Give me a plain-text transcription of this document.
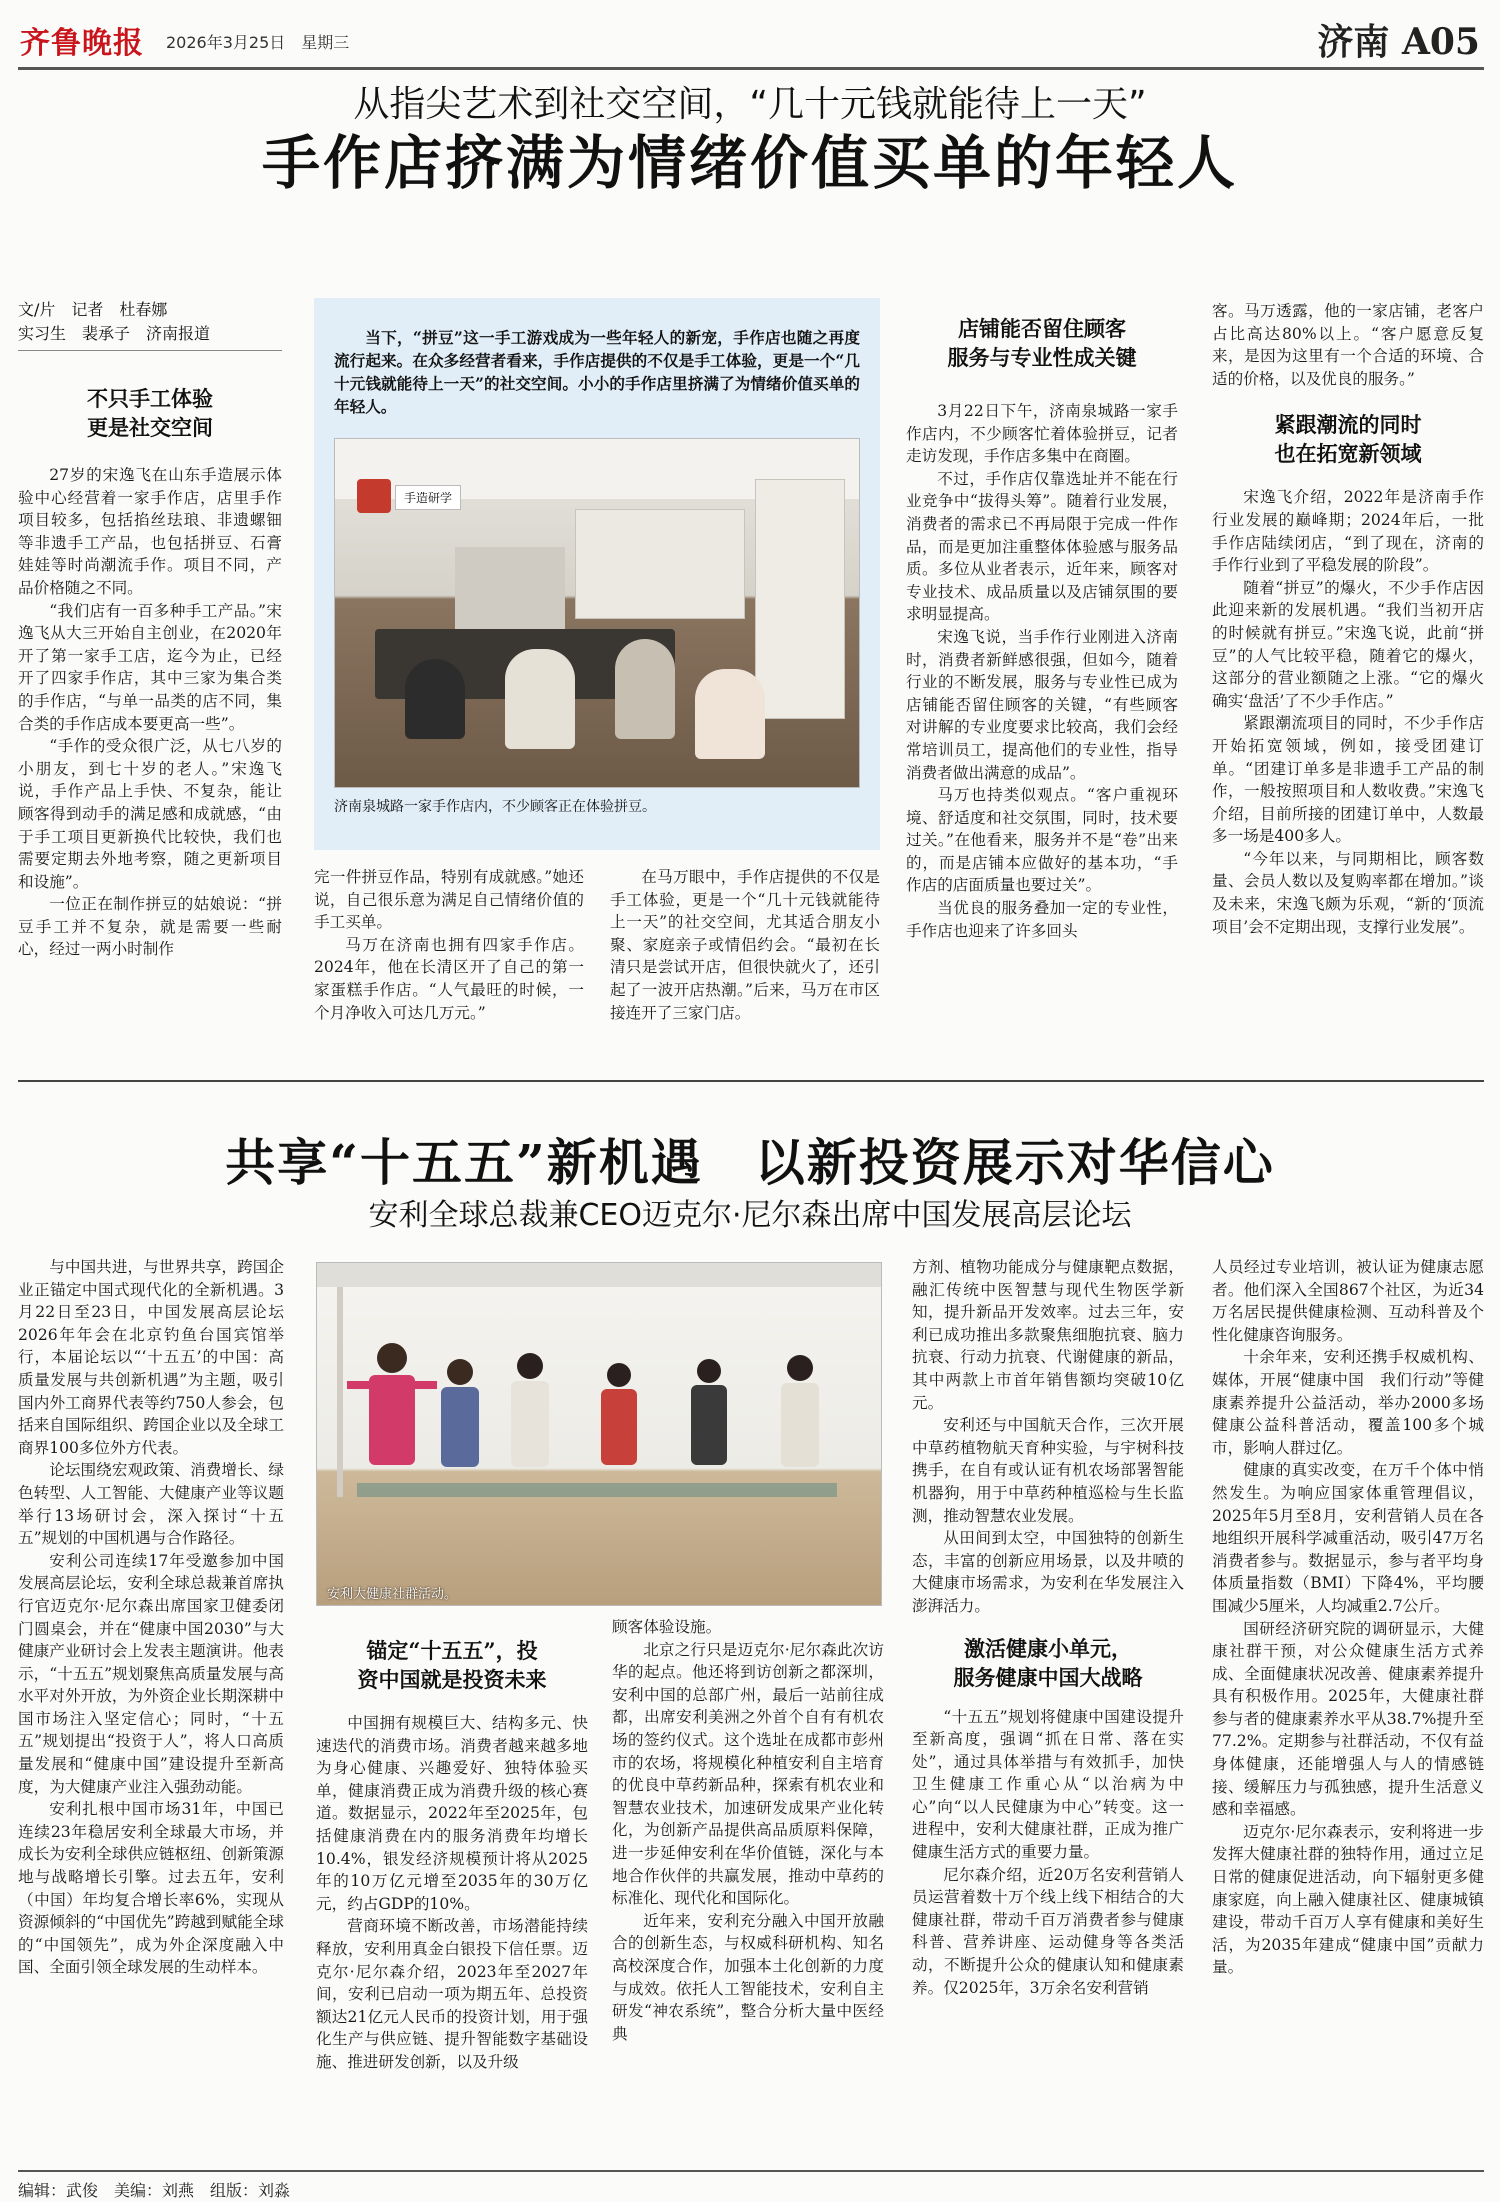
齐鲁晚报 2026年3月25日　 星期三	济南 A05
从指尖艺术到社交空间，“几十元钱就能待上一天”
手作店挤满为情绪价值买单的年轻人
文/片　记者　杜春娜
实习生　裴承子　济南报道
不只手工体验
更是社交空间

27岁的宋逸飞在山东手造展示体验中心经营着一家手作店，店里手作项目较多，包括掐丝珐琅、非遗螺钿等非遗手工产品，也包括拼豆、石膏娃娃等时尚潮流手作。项目不同，产品价格随之不同。

“我们店有一百多种手工产品。”宋逸飞从大三开始自主创业，在2020年开了第一家手工店，迄今为止，已经开了四家手作店，其中三家为集合类的手作店，“与单一品类的店不同，集合类的手作店成本要更高一些”。

“手作的受众很广泛，从七八岁的小朋友，到七十岁的老人。”宋逸飞说，手作产品上手快、不复杂，能让顾客得到动手的满足感和成就感，“由于手工项目更新换代比较快，我们也需要定期去外地考察，随之更新项目和设施”。

一位正在制作拼豆的姑娘说：“拼豆手工并不复杂，就是需要一些耐心，经过一两小时制作

当下，“拼豆”这一手工游戏成为一些年轻人的新宠，手作店也随之再度流行起来。在众多经营者看来，手作店提供的不仅是手工体验，更是一个“几十元钱就能待上一天”的社交空间。小小的手作店里挤满了为情绪价值买单的年轻人。
手造研学
济南泉城路一家手作店内，不少顾客正在体验拼豆。

完一件拼豆作品，特别有成就感。”她还说，自己很乐意为满足自己情绪价值的手工买单。

马万在济南也拥有四家手作店。2024年，他在长清区开了自己的第一家蛋糕手作店。“人气最旺的时候，一个月净收入可达几万元。”

在马万眼中，手作店提供的不仅是手工体验，更是一个“几十元钱就能待上一天”的社交空间，尤其适合朋友小聚、家庭亲子或情侣约会。“最初在长清只是尝试开店，但很快就火了，还引起了一波开店热潮。”后来，马万在市区接连开了三家门店。

店铺能否留住顾客
服务与专业性成关键

3月22日下午，济南泉城路一家手作店内，不少顾客忙着体验拼豆，记者走访发现，手作店多集中在商圈。

不过，手作店仅靠选址并不能在行业竞争中“拔得头筹”。随着行业发展，消费者的需求已不再局限于完成一件作品，而是更加注重整体体验感与服务品质。多位从业者表示，近年来，顾客对专业技术、成品质量以及店铺氛围的要求明显提高。

宋逸飞说，当手作行业刚进入济南时，消费者新鲜感很强，但如今，随着行业的不断发展，服务与专业性已成为店铺能否留住顾客的关键，“有些顾客对讲解的专业度要求比较高，我们会经常培训员工，提高他们的专业性，指导消费者做出满意的成品”。

马万也持类似观点。“客户重视环境、舒适度和社交氛围，同时，技术要过关。”在他看来，服务并不是“卷”出来的，而是店铺本应做好的基本功，“手作店的店面质量也要过关”。

当优良的服务叠加一定的专业性，手作店也迎来了许多回头

客。马万透露，他的一家店铺，老客户占比高达80%以上。“客户愿意反复来，是因为这里有一个合适的环境、合适的价格，以及优良的服务。”

紧跟潮流的同时
也在拓宽新领域

宋逸飞介绍，2022年是济南手作行业发展的巅峰期；2024年后，一批手作店陆续闭店，“到了现在，济南的手作行业到了平稳发展的阶段”。

随着“拼豆”的爆火，不少手作店因此迎来新的发展机遇。“我们当初开店的时候就有拼豆。”宋逸飞说，此前“拼豆”的人气比较平稳，随着它的爆火，这部分的营业额随之上涨。“它的爆火确实‘盘活’了不少手作店。”

紧跟潮流项目的同时，不少手作店开始拓宽领域，例如，接受团建订单。“团建订单多是非遗手工产品的制作，一般按照项目和人数收费。”宋逸飞介绍，目前所接的团建订单中，人数最多一场是400多人。

“今年以来，与同期相比，顾客数量、会员人数以及复购率都在增加。”谈及未来，宋逸飞颇为乐观，“新的‘顶流项目’会不定期出现，支撑行业发展”。

共享“十五五”新机遇　以新投资展示对华信心
安利全球总裁兼CEO迈克尔·尼尔森出席中国发展高层论坛

与中国共进，与世界共享，跨国企业正锚定中国式现代化的全新机遇。3月22日至23日，中国发展高层论坛2026年年会在北京钓鱼台国宾馆举行，本届论坛以“‘十五五’的中国：高质量发展与共创新机遇”为主题，吸引国内外工商界代表等约750人参会，包括来自国际组织、跨国企业以及全球工商界100多位外方代表。

论坛围绕宏观政策、消费增长、绿色转型、人工智能、大健康产业等议题举行13场研讨会，深入探讨“十五五”规划的中国机遇与合作路径。

安利公司连续17年受邀参加中国发展高层论坛，安利全球总裁兼首席执行官迈克尔·尼尔森出席国家卫健委闭门圆桌会，并在“健康中国2030”与大健康产业研讨会上发表主题演讲。他表示，“十五五”规划聚焦高质量发展与高水平对外开放，为外资企业长期深耕中国市场注入坚定信心；同时，“十五五”规划提出“投资于人”，将人口高质量发展和“健康中国”建设提升至新高度，为大健康产业注入强劲动能。

安利扎根中国市场31年，中国已连续23年稳居安利全球最大市场，并成长为安利全球供应链枢纽、创新策源地与战略增长引擎。过去五年，安利（中国）年均复合增长率6%，实现从资源倾斜的“中国优先”跨越到赋能全球的“中国领先”，成为外企深度融入中国、全面引领全球发展的生动样本。

安利大健康社群活动。
锚定“十五五”，投
资中国就是投资未来

中国拥有规模巨大、结构多元、快速迭代的消费市场。消费者越来越多地为身心健康、兴趣爱好、独特体验买单，健康消费正成为消费升级的核心赛道。数据显示，2022年至2025年，包括健康消费在内的服务消费年均增长10.4%，银发经济规模预计将从2025年的10万亿元增至2035年的30万亿元，约占GDP的10%。

营商环境不断改善，市场潜能持续释放，安利用真金白银投下信任票。迈克尔·尼尔森介绍，2023年至2027年间，安利已启动一项为期五年、总投资额达21亿元人民币的投资计划，用于强化生产与供应链、提升智能数字基础设施、推进研发创新，以及升级

顾客体验设施。

北京之行只是迈克尔·尼尔森此次访华的起点。他还将到访创新之都深圳，安利中国的总部广州，最后一站前往成都，出席安利美洲之外首个自有有机农场的签约仪式。这个选址在成都市彭州市的农场，将规模化种植安利自主培育的优良中草药新品种，探索有机农业和智慧农业技术，加速研发成果产业化转化，为创新产品提供高品质原料保障，进一步延伸安利在华价值链，深化与本地合作伙伴的共赢发展，推动中草药的标准化、现代化和国际化。

近年来，安利充分融入中国开放融合的创新生态，与权威科研机构、知名高校深度合作，加强本土化创新的力度与成效。依托人工智能技术，安利自主研发“神农系统”，整合分析大量中医经典

方剂、植物功能成分与健康靶点数据，融汇传统中医智慧与现代生物医学新知，提升新品开发效率。过去三年，安利已成功推出多款聚焦细胞抗衰、脑力抗衰、行动力抗衰、代谢健康的新品，其中两款上市首年销售额均突破10亿元。

安利还与中国航天合作，三次开展中草药植物航天育种实验，与宇树科技携手，在自有或认证有机农场部署智能机器狗，用于中草药种植巡检与生长监测，推动智慧农业发展。

从田间到太空，中国独特的创新生态，丰富的创新应用场景，以及井喷的大健康市场需求，为安利在华发展注入澎湃活力。

激活健康小单元，
服务健康中国大战略

“十五五”规划将健康中国建设提升至新高度，强调“抓在日常、落在实处”，通过具体举措与有效抓手，加快卫生健康工作重心从“以治病为中心”向“以人民健康为中心”转变。这一进程中，安利大健康社群，正成为推广健康生活方式的重要力量。

尼尔森介绍，近20万名安利营销人员运营着数十万个线上线下相结合的大健康社群，带动千百万消费者参与健康科普、营养讲座、运动健身等各类活动，不断提升公众的健康认知和健康素养。仅2025年，3万余名安利营销

人员经过专业培训，被认证为健康志愿者。他们深入全国867个社区，为近34万名居民提供健康检测、互动科普及个性化健康咨询服务。

十余年来，安利还携手权威机构、媒体，开展“健康中国　我们行动”等健康素养提升公益活动，举办2000多场健康公益科普活动，覆盖100多个城市，影响人群过亿。

健康的真实改变，在万千个体中悄然发生。为响应国家体重管理倡议，2025年5月至8月，安利营销人员在各地组织开展科学减重活动，吸引47万名消费者参与。数据显示，参与者平均身体质量指数（BMI）下降4%，平均腰围减少5厘米，人均减重2.7公斤。

国研经济研究院的调研显示，大健康社群干预，对公众健康生活方式养成、全面健康状况改善、健康素养提升具有积极作用。2025年，大健康社群参与者的健康素养水平从38.7%提升至77.2%。定期参与社群活动，不仅有益身体健康，还能增强人与人的情感链接、缓解压力与孤独感，提升生活意义感和幸福感。

迈克尔·尼尔森表示，安利将进一步发挥大健康社群的独特作用，通过立足日常的健康促进活动，向下辐射更多健康家庭，向上融入健康社区、健康城镇建设，带动千百万人享有健康和美好生活，为2035年建成“健康中国”贡献力量。

编辑：武俊　美编：刘燕　组版：刘淼
